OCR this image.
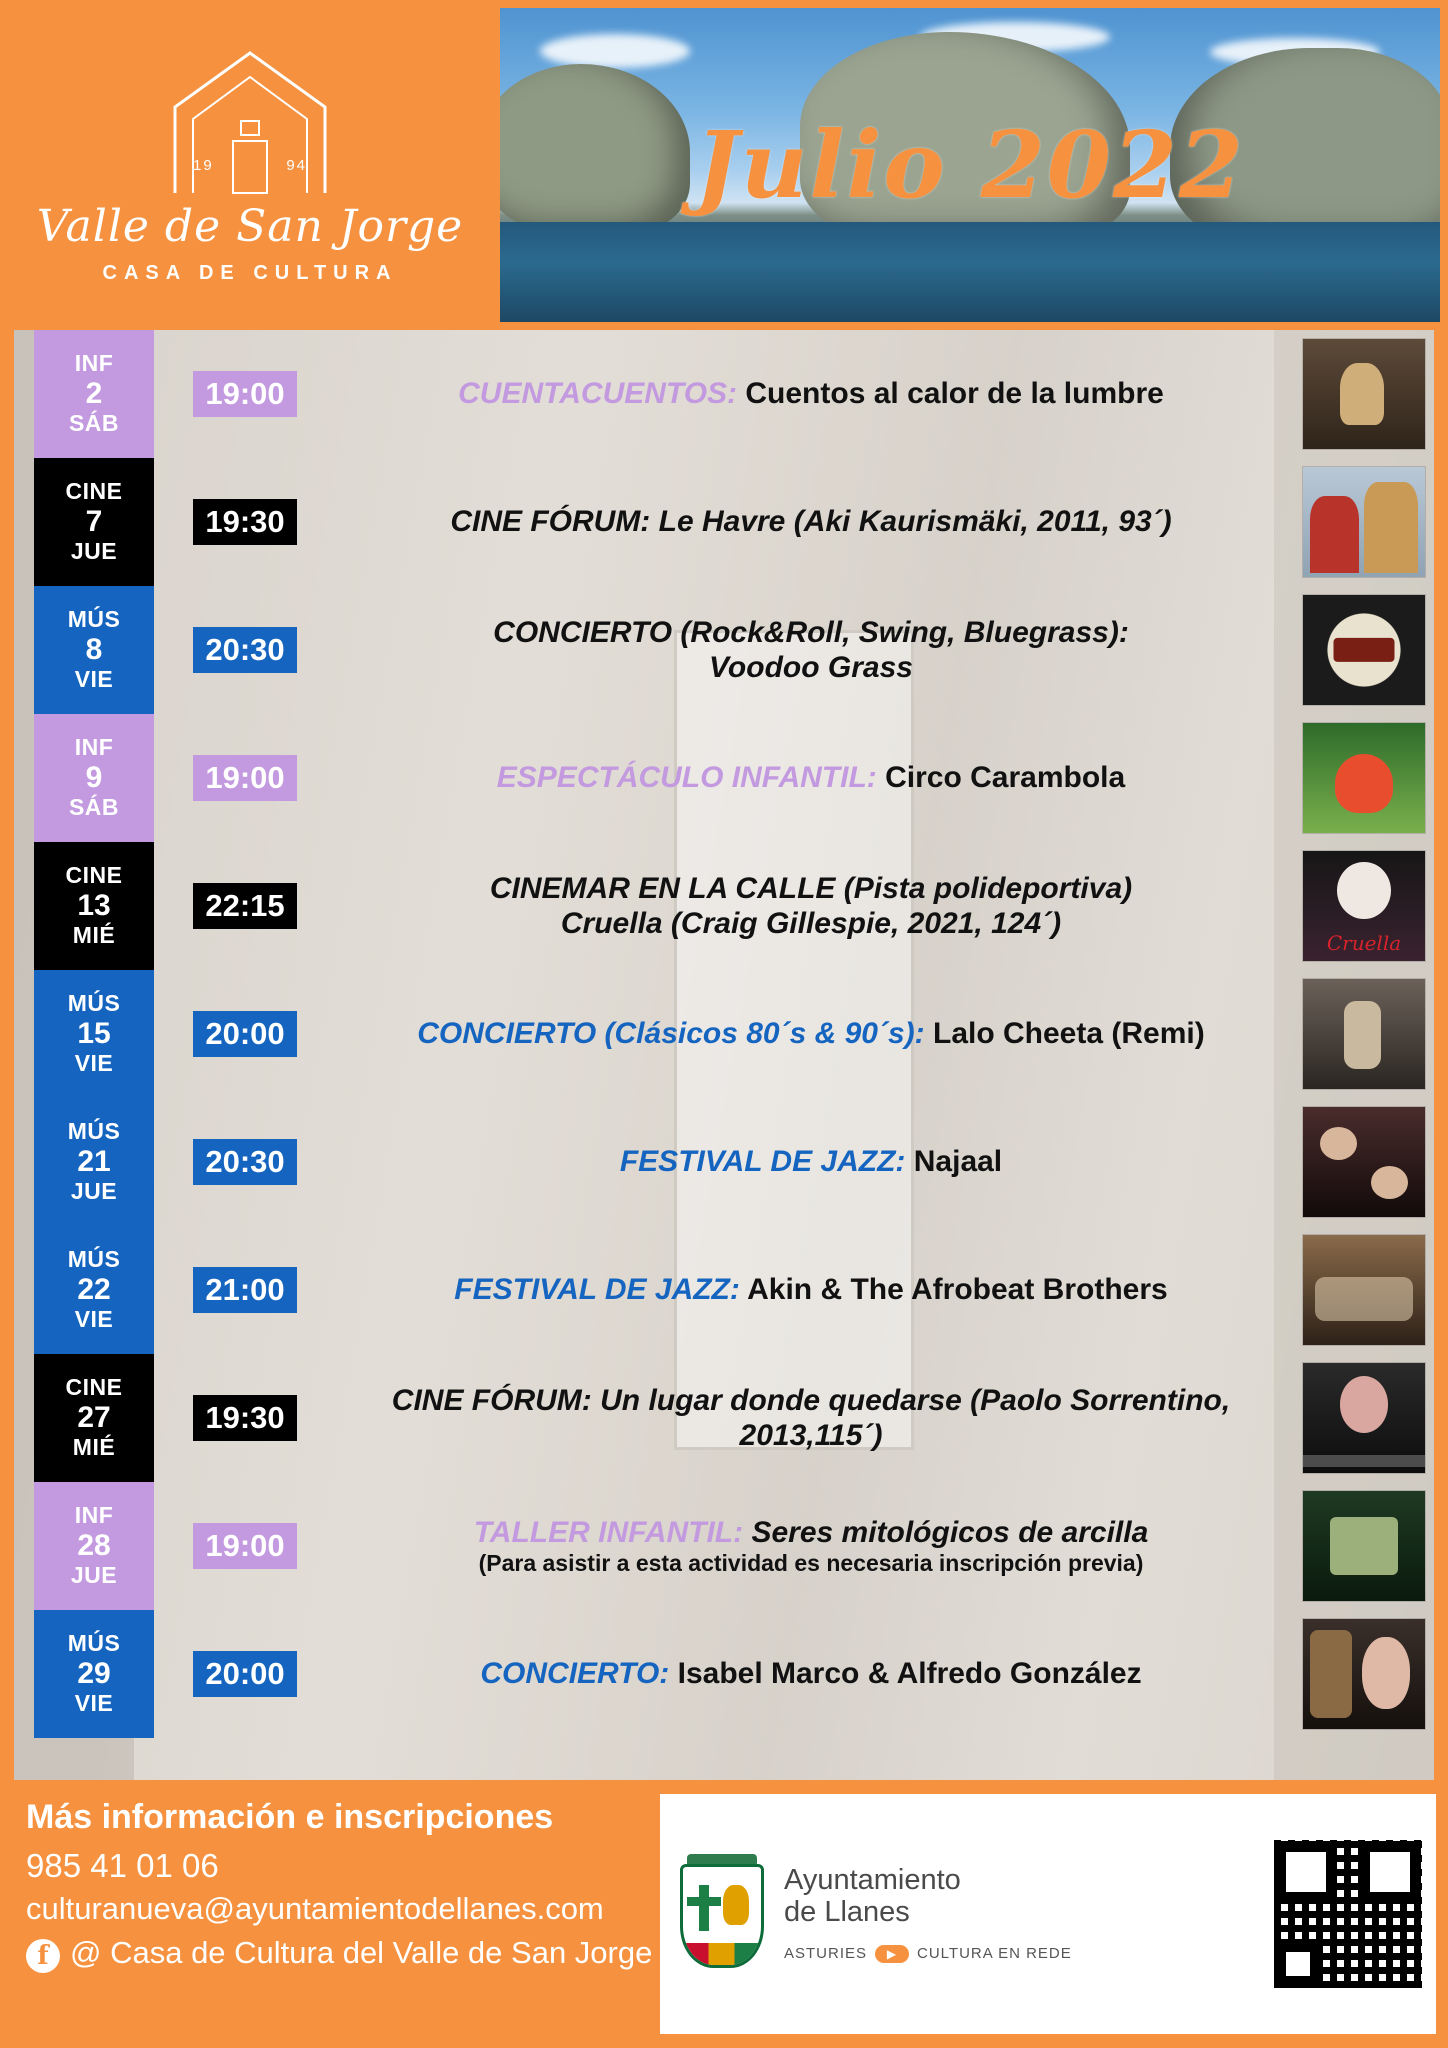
19	94
Valle de San Jorge
CASA DE CULTURA
Julio 2022
INF
2
SÁB
19:00	CUENTACUENTOS: Cuentos al calor de la lumbre
CINE
7
JUE
19:30	CINE FÓRUM: Le Havre (Aki Kaurismäki, 2011, 93´)
MÚS
8
VIE
20:30	CONCIERTO (Rock&Roll, Swing, Bluegrass):
Voodoo Grass
INF
9
SÁB
19:00	ESPECTÁCULO INFANTIL: Circo Carambola
CINE
13
MIÉ
22:15	CINEMAR EN LA CALLE (Pista polideportiva)
Cruella (Craig Gillespie, 2021, 124´)
Cruella
MÚS
15
VIE
20:00	CONCIERTO (Clásicos 80´s & 90´s): Lalo Cheeta (Remi)
MÚS
21
JUE
20:30	FESTIVAL DE JAZZ: Najaal
MÚS
22
VIE
21:00	FESTIVAL DE JAZZ: Akin & The Afrobeat Brothers
CINE
27
MIÉ
19:30	CINE FÓRUM: Un lugar donde quedarse (Paolo Sorrentino, 2013,115´)
INF
28
JUE
19:00	TALLER INFANTIL: Seres mitológicos de arcilla
(Para asistir a esta actividad es necesaria inscripción previa)
MÚS
29
VIE
20:00	CONCIERTO: Isabel Marco & Alfredo González
Más información e inscripciones
985 41 01 06
culturanueva@ayuntamientodellanes.com
f @ Casa de Cultura del Valle de San Jorge
Ayuntamiento
de Llanes
ASTURIES	▶	CULTURA EN REDE
